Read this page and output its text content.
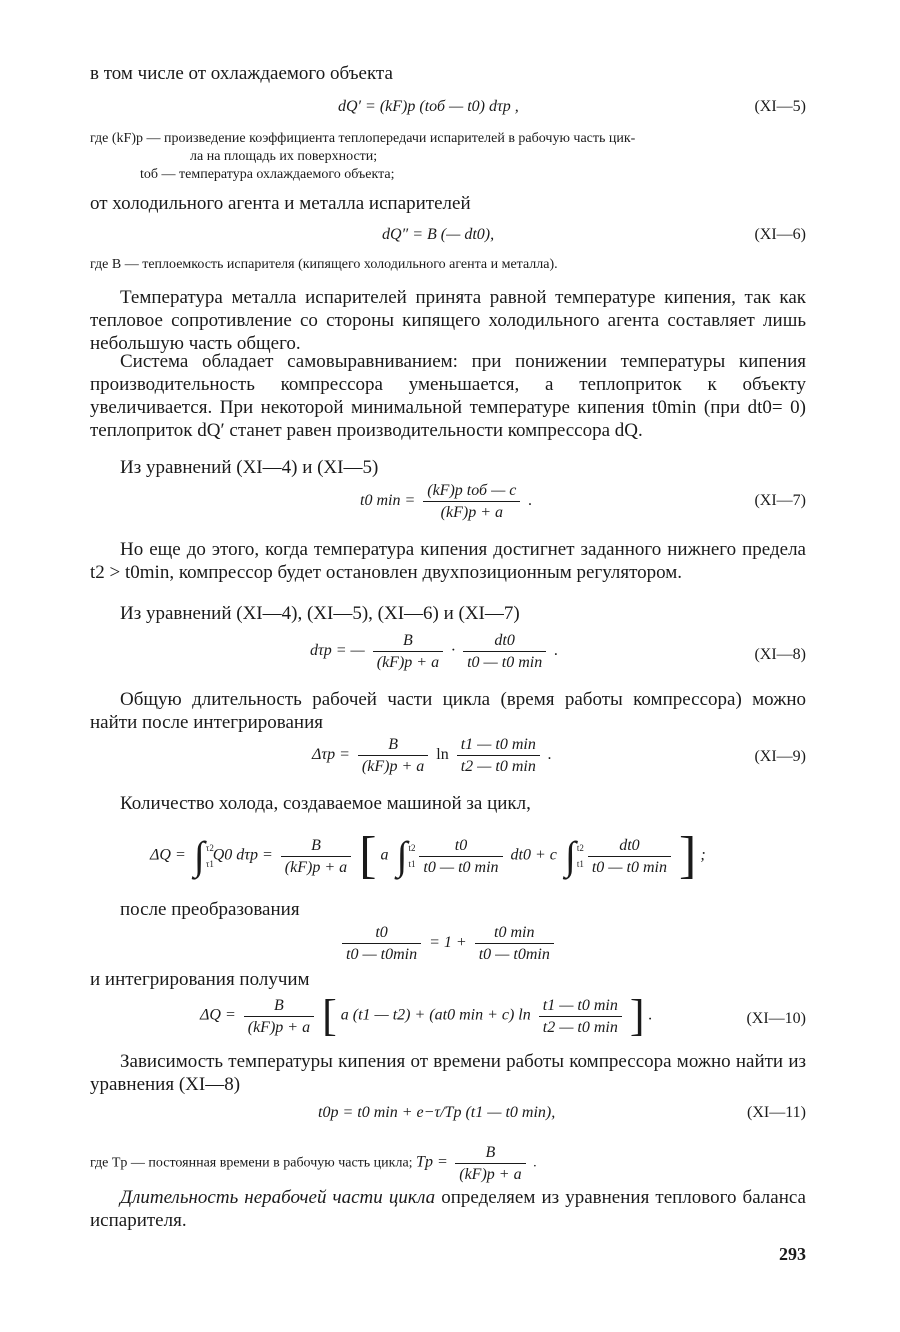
в том числе от охлаждаемого объекта
dQ′ = (kF)р (tоб — t0) dτр ,	(XI—5)
где (kF)р — произведение коэффициента теплопередачи испарителей в рабочую часть цик-
ла на площадь их поверхности;
tоб — температура охлаждаемого объекта;
от холодильного агента и металла испарителей
dQ″ = B (— dt0),	(XI—6)
где B — теплоемкость испарителя (кипящего холодильного агента и металла).
Температура металла испарителей принята равной температуре кипения, так как тепловое сопротивление со стороны кипящего холодильного агента составляет лишь небольшую часть общего.
Система обладает самовыравниванием: при понижении температуры кипения производительность компрессора уменьшается, а теплоприток к объекту увеличивается. При некоторой минимальной температуре кипения t0min (при dt0= 0) теплоприток dQ′ станет равен производительности компрессора dQ.
Из уравнений (XI—4) и (XI—5)
t0 $\min = \frac{\text{(kF)р tоб — c}}{(kF)р + a}$ .	(XI—7)
Но еще до этого, когда температура кипения достигнет заданного нижнего предела t2 > t0min, компрессор будет остановлен двухпозиционным регулятором.
Из уравнений (XI—4), (XI—5), (XI—6) и (XI—7)
dτр = — $\frac{B}{(kF)р + a} \cdot \frac{dt0}{t0 — t0 \min}$ .	(XI—8)
Общую длительность рабочей части цикла (время работы компрессора) можно найти после интегрирования
$\Delta\tau р = \frac{B}{(kF)р + a}$ $\ln \frac{t1 — t0 \min}{t2 — t0 \min}$ .	(XI—9)
Количество холода, создаваемое машиной за цикл,
ΔQ = ∫ τ2
τ1
Q0 $d\tau р = \frac{B}{(kF)р + a}$ [ a ∫ t2
t1
$\frac{t0}{t0 — t0 \min} dt0 + c$ ∫ t2
t1
$\frac{dt0}{t0 — t0 \min}$ ] ;
после преобразования
$\frac{t0}{t0 — t0\min} = 1 + \frac{t0 \min}{t0 — t0\min}$
и интегрирования получим
$\Delta Q = \frac{B}{(kF)р + a}$ [ a (t1 — t2) + (at0 min + c) $\ln \frac{t1 — t0 \min}{t2 — t0 \min}$ ] .	(XI—10)
Зависимость температуры кипения от времени работы компрессора можно найти из уравнения (XI—8)
t0р = t0 min + e−τ/Tр (t1 — t0 min),	(XI—11)
где Tр — постоянная времени в рабочую часть цикла; Tр = $\frac{B}{(kF)р + a}$ .
Длительность нерабочей части цикла определяем из уравнения теплового баланса испарителя.
293
